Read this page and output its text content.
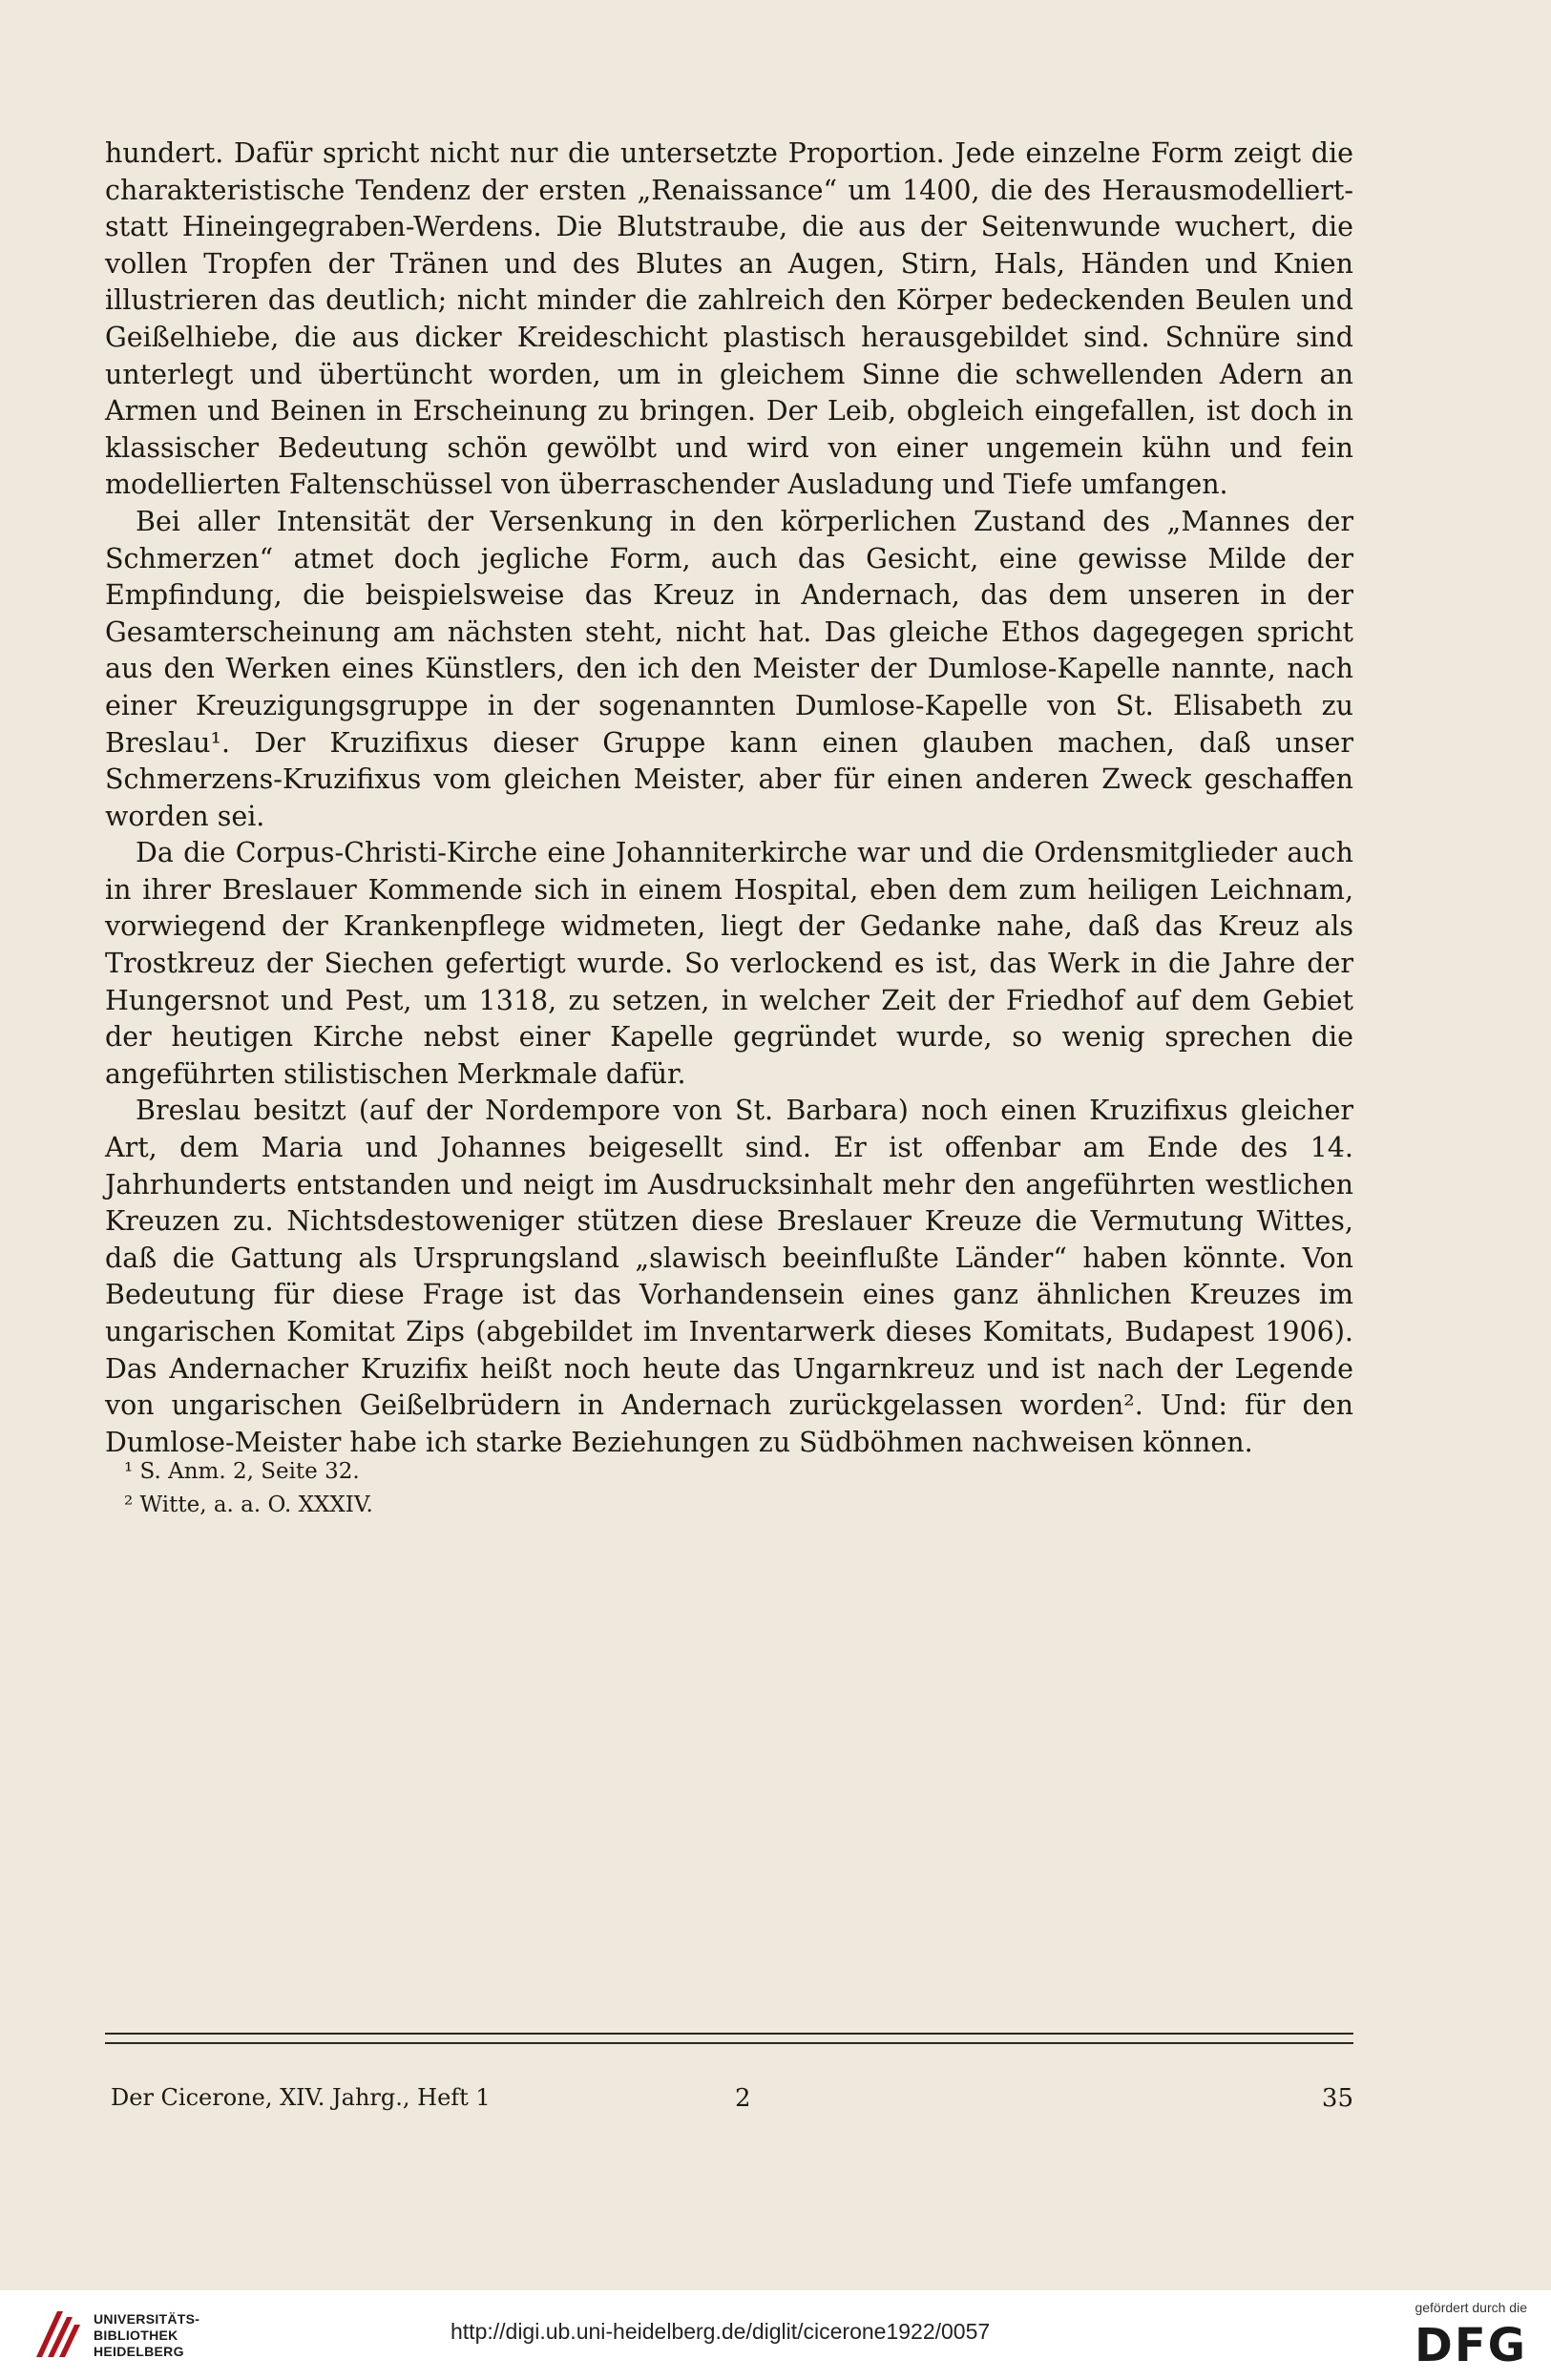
hundert. Dafür spricht nicht nur die untersetzte Proportion. Jede einzelne Form zeigt die charakteristische Tendenz der ersten „Renaissance“ um 1400, die des Herausmodelliert-statt Hineingegraben-Werdens. Die Blutstraube, die aus der Seitenwunde wuchert, die vollen Tropfen der Tränen und des Blutes an Augen, Stirn, Hals, Händen und Knien illustrieren das deutlich; nicht minder die zahlreich den Körper bedeckenden Beulen und Geißelhiebe, die aus dicker Kreideschicht plastisch herausgebildet sind. Schnüre sind unterlegt und übertüncht worden, um in gleichem Sinne die schwellenden Adern an Armen und Beinen in Erscheinung zu bringen. Der Leib, obgleich eingefallen, ist doch in klassischer Bedeutung schön gewölbt und wird von einer ungemein kühn und fein modellierten Faltenschüssel von überraschender Ausladung und Tiefe umfangen.

Bei aller Intensität der Versenkung in den körperlichen Zustand des „Mannes der Schmerzen“ atmet doch jegliche Form, auch das Gesicht, eine gewisse Milde der Empfindung, die beispielsweise das Kreuz in Andernach, das dem unseren in der Gesamterscheinung am nächsten steht, nicht hat. Das gleiche Ethos dagegegen spricht aus den Werken eines Künstlers, den ich den Meister der Dumlose-Kapelle nannte, nach einer Kreuzigungsgruppe in der sogenannten Dumlose-Kapelle von St. Elisabeth zu Breslau¹. Der Kruzifixus dieser Gruppe kann einen glauben machen, daß unser Schmerzens-Kruzifixus vom gleichen Meister, aber für einen anderen Zweck geschaffen worden sei.

Da die Corpus-Christi-Kirche eine Johanniterkirche war und die Ordensmitglieder auch in ihrer Breslauer Kommende sich in einem Hospital, eben dem zum heiligen Leichnam, vorwiegend der Krankenpflege widmeten, liegt der Gedanke nahe, daß das Kreuz als Trostkreuz der Siechen gefertigt wurde. So verlockend es ist, das Werk in die Jahre der Hungersnot und Pest, um 1318, zu setzen, in welcher Zeit der Friedhof auf dem Gebiet der heutigen Kirche nebst einer Kapelle gegründet wurde, so wenig sprechen die angeführten stilistischen Merkmale dafür.

Breslau besitzt (auf der Nordempore von St. Barbara) noch einen Kruzifixus gleicher Art, dem Maria und Johannes beigesellt sind. Er ist offenbar am Ende des 14. Jahrhunderts entstanden und neigt im Ausdrucksinhalt mehr den angeführten westlichen Kreuzen zu. Nichtsdestoweniger stützen diese Breslauer Kreuze die Vermutung Wittes, daß die Gattung als Ursprungsland „slawisch beeinflußte Länder“ haben könnte. Von Bedeutung für diese Frage ist das Vorhandensein eines ganz ähnlichen Kreuzes im ungarischen Komitat Zips (abgebildet im Inventarwerk dieses Komitats, Budapest 1906). Das Andernacher Kruzifix heißt noch heute das Ungarnkreuz und ist nach der Legende von ungarischen Geißelbrüdern in Andernach zurückgelassen worden². Und: für den Dumlose-Meister habe ich starke Beziehungen zu Südböhmen nachweisen können.

¹ S. Anm. 2, Seite 32.
² Witte, a. a. O. XXXIV.
Der Cicerone, XIV. Jahrg., Heft 1	2	35
UNIVERSITÄTS-
BIBLIOTHEK
HEIDELBERG
http://digi.ub.uni-heidelberg.de/diglit/cicerone1922/0057
gefördert durch die
DFG
